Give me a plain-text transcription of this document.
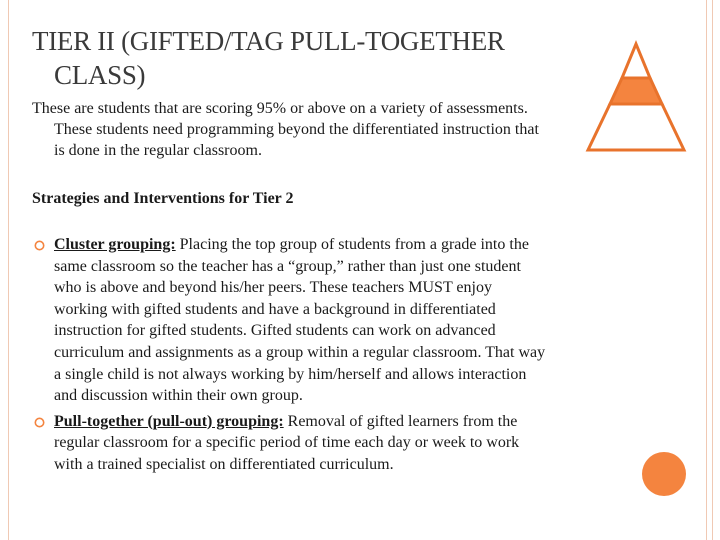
TIER II (GIFTED/TAG PULL-TOGETHER
CLASS)
These are students that are scoring 95% or above on a variety of assessments.
These students need programming beyond the differentiated instruction that
is done in the regular classroom.
Strategies and Interventions for Tier 2
Cluster grouping: Placing the top group of students from a grade into the
same classroom so the teacher has a “group,” rather than just one student
who is above and beyond his/her peers. These teachers MUST enjoy
working with gifted students and have a background in differentiated
instruction for gifted students. Gifted students can work on advanced
curriculum and assignments as a group within a regular classroom. That way
a single child is not always working by him/herself and allows interaction
and discussion within their own group.
Pull-together (pull-out) grouping: Removal of gifted learners from the
regular classroom for a specific period of time each day or week to work
with a trained specialist on differentiated curriculum.
